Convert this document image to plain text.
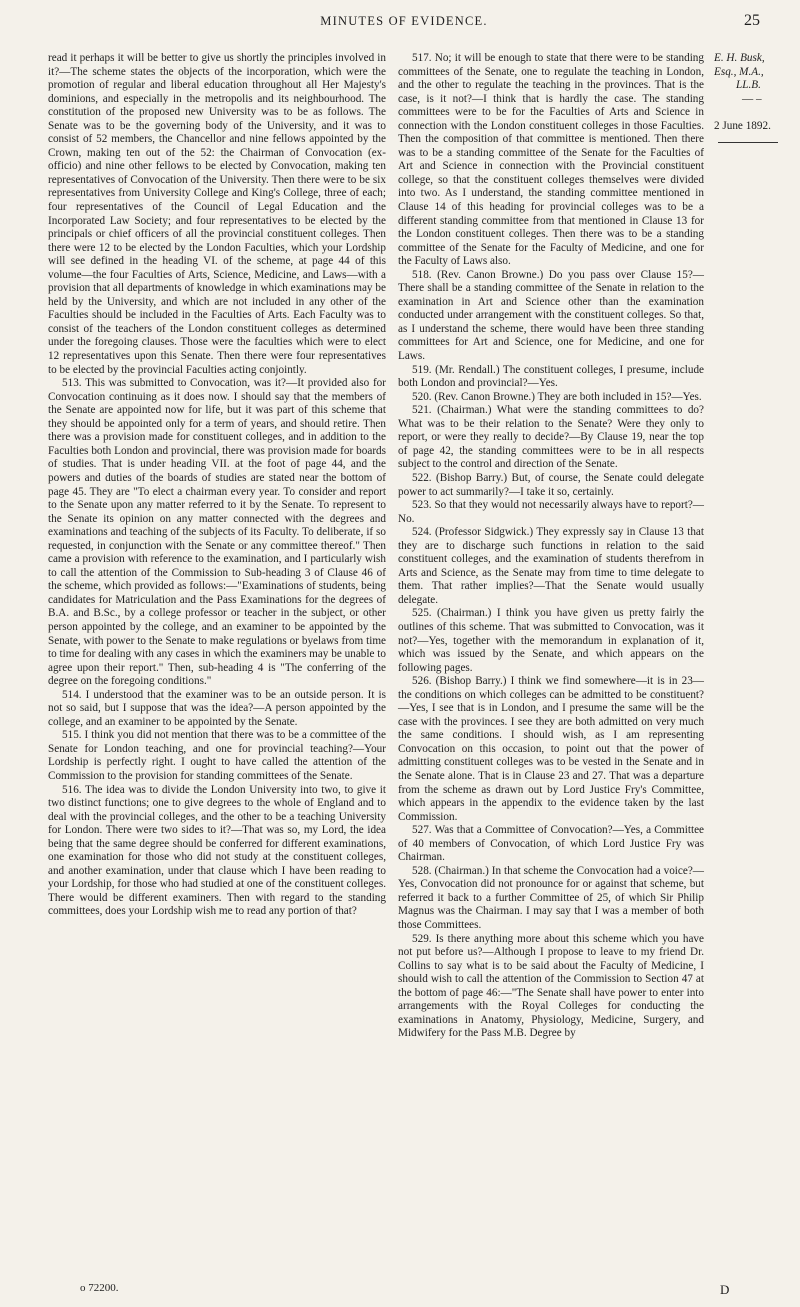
MINUTES OF EVIDENCE.	25

read it perhaps it will be better to give us shortly the principles involved in it?—The scheme states the objects of the incorporation, which were the promotion of regular and liberal education throughout all Her Majesty's dominions, and especially in the metropolis and its neighbourhood. The constitution of the proposed new University was to be as follows. The Senate was to be the governing body of the University, and it was to consist of 52 members, the Chancellor and nine fellows appointed by the Crown, making ten out of the 52: the Chairman of Convocation (ex-officio) and nine other fellows to be elected by Convocation, making ten representatives of Convocation of the University. Then there were to be six representatives from University College and King's College, three of each; four representatives of the Council of Legal Education and the Incorporated Law Society; and four representatives to be elected by the principals or chief officers of all the provincial constituent colleges. Then there were 12 to be elected by the London Faculties, which your Lordship will see defined in the heading VI. of the scheme, at page 44 of this volume—the four Faculties of Arts, Science, Medicine, and Laws—with a provision that all departments of knowledge in which examinations may be held by the University, and which are not included in any other of the Faculties should be included in the Faculties of Arts. Each Faculty was to consist of the teachers of the London constituent colleges as determined under the foregoing clauses. Those were the faculties which were to elect 12 representatives upon this Senate. Then there were four representatives to be elected by the provincial Faculties acting conjointly.

513. This was submitted to Convocation, was it?—It provided also for Convocation continuing as it does now. I should say that the members of the Senate are appointed now for life, but it was part of this scheme that they should be appointed only for a term of years, and should retire. Then there was a provision made for constituent colleges, and in addition to the Faculties both London and provincial, there was provision made for boards of studies. That is under heading VII. at the foot of page 44, and the powers and duties of the boards of studies are stated near the bottom of page 45. They are "To elect a chairman every year. To consider and report to the Senate upon any matter referred to it by the Senate. To represent to the Senate its opinion on any matter connected with the degrees and examinations and teaching of the subjects of its Faculty. To deliberate, if so requested, in conjunction with the Senate or any committee thereof." Then came a provision with reference to the examination, and I particularly wish to call the attention of the Commission to Sub-heading 3 of Clause 46 of the scheme, which provided as follows:—"Examinations of students, being candidates for Matriculation and the Pass Examinations for the degrees of B.A. and B.Sc., by a college professor or teacher in the subject, or other person appointed by the college, and an examiner to be appointed by the Senate, with power to the Senate to make regulations or byelaws from time to time for dealing with any cases in which the examiners may be unable to agree upon their report." Then, sub-heading 4 is "The conferring of the degree on the foregoing conditions."

514. I understood that the examiner was to be an outside person. It is not so said, but I suppose that was the idea?—A person appointed by the college, and an examiner to be appointed by the Senate.

515. I think you did not mention that there was to be a committee of the Senate for London teaching, and one for provincial teaching?—Your Lordship is perfectly right. I ought to have called the attention of the Commission to the provision for standing committees of the Senate.

516. The idea was to divide the London University into two, to give it two distinct functions; one to give degrees to the whole of England and to deal with the provincial colleges, and the other to be a teaching University for London. There were two sides to it?—That was so, my Lord, the idea being that the same degree should be conferred for different examinations, one examination for those who did not study at the constituent colleges, and another examination, under that clause which I have been reading to your Lordship, for those who had studied at one of the constituent colleges. There would be different examiners. Then with regard to the standing committees, does your Lordship wish me to read any portion of that?

517. No; it will be enough to state that there were to be standing committees of the Senate, one to regulate the teaching in London, and the other to regulate the teaching in the provinces. That is the case, is it not?—I think that is hardly the case. The standing committees were to be for the Faculties of Arts and Science in connection with the London constituent colleges in those Faculties. Then the composition of that committee is mentioned. Then there was to be a standing committee of the Senate for the Faculties of Art and Science in connection with the Provincial constituent college, so that the constituent colleges themselves were divided into two. As I understand, the standing committee mentioned in Clause 14 of this heading for provincial colleges was to be a different standing committee from that mentioned in Clause 13 for the London constituent colleges. Then there was to be a standing committee of the Senate for the Faculty of Medicine, and one for the Faculty of Laws also.

518. (Rev. Canon Browne.) Do you pass over Clause 15?—There shall be a standing committee of the Senate in relation to the examination in Art and Science other than the examination conducted under arrangement with the constituent colleges. So that, as I understand the scheme, there would have been three standing committees for Art and Science, one for Medicine, and one for Laws.

519. (Mr. Rendall.) The constituent colleges, I presume, include both London and provincial?—Yes.

520. (Rev. Canon Browne.) They are both included in 15?—Yes.

521. (Chairman.) What were the standing committees to do? What was to be their relation to the Senate? Were they only to report, or were they really to decide?—By Clause 19, near the top of page 42, the standing committees were to be in all respects subject to the control and direction of the Senate.

522. (Bishop Barry.) But, of course, the Senate could delegate power to act summarily?—I take it so, certainly.

523. So that they would not necessarily always have to report?—No.

524. (Professor Sidgwick.) They expressly say in Clause 13 that they are to discharge such functions in relation to the said constituent colleges, and the examination of students therefrom in Arts and Science, as the Senate may from time to time delegate to them. That rather implies?—That the Senate would usually delegate.

525. (Chairman.) I think you have given us pretty fairly the outlines of this scheme. That was submitted to Convocation, was it not?—Yes, together with the memorandum in explanation of it, which was issued by the Senate, and which appears on the following pages.

526. (Bishop Barry.) I think we find somewhere—it is in 23—the conditions on which colleges can be admitted to be constituent?—Yes, I see that is in London, and I presume the same will be the case with the provinces. I see they are both admitted on very much the same conditions. I should wish, as I am representing Convocation on this occasion, to point out that the power of admitting constituent colleges was to be vested in the Senate and in the Senate alone. That is in Clause 23 and 27. That was a departure from the scheme as drawn out by Lord Justice Fry's Committee, which appears in the appendix to the evidence taken by the last Commission.

527. Was that a Committee of Convocation?—Yes, a Committee of 40 members of Convocation, of which Lord Justice Fry was Chairman.

528. (Chairman.) In that scheme the Convocation had a voice?—Yes, Convocation did not pronounce for or against that scheme, but referred it back to a further Committee of 25, of which Sir Philip Magnus was the Chairman. I may say that I was a member of both those Committees.

529. Is there anything more about this scheme which you have not put before us?—Although I propose to leave to my friend Dr. Collins to say what is to be said about the Faculty of Medicine, I should wish to call the attention of the Commission to Section 47 at the bottom of page 46:—"The Senate shall have power to enter into arrangements with the Royal Colleges for conducting the examinations in Anatomy, Physiology, Medicine, Surgery, and Midwifery for the Pass M.B. Degree by

E. H. Busk,
Esq., M.A.,
LL.B.
— –
2 June 1892.
o 72200.	D
